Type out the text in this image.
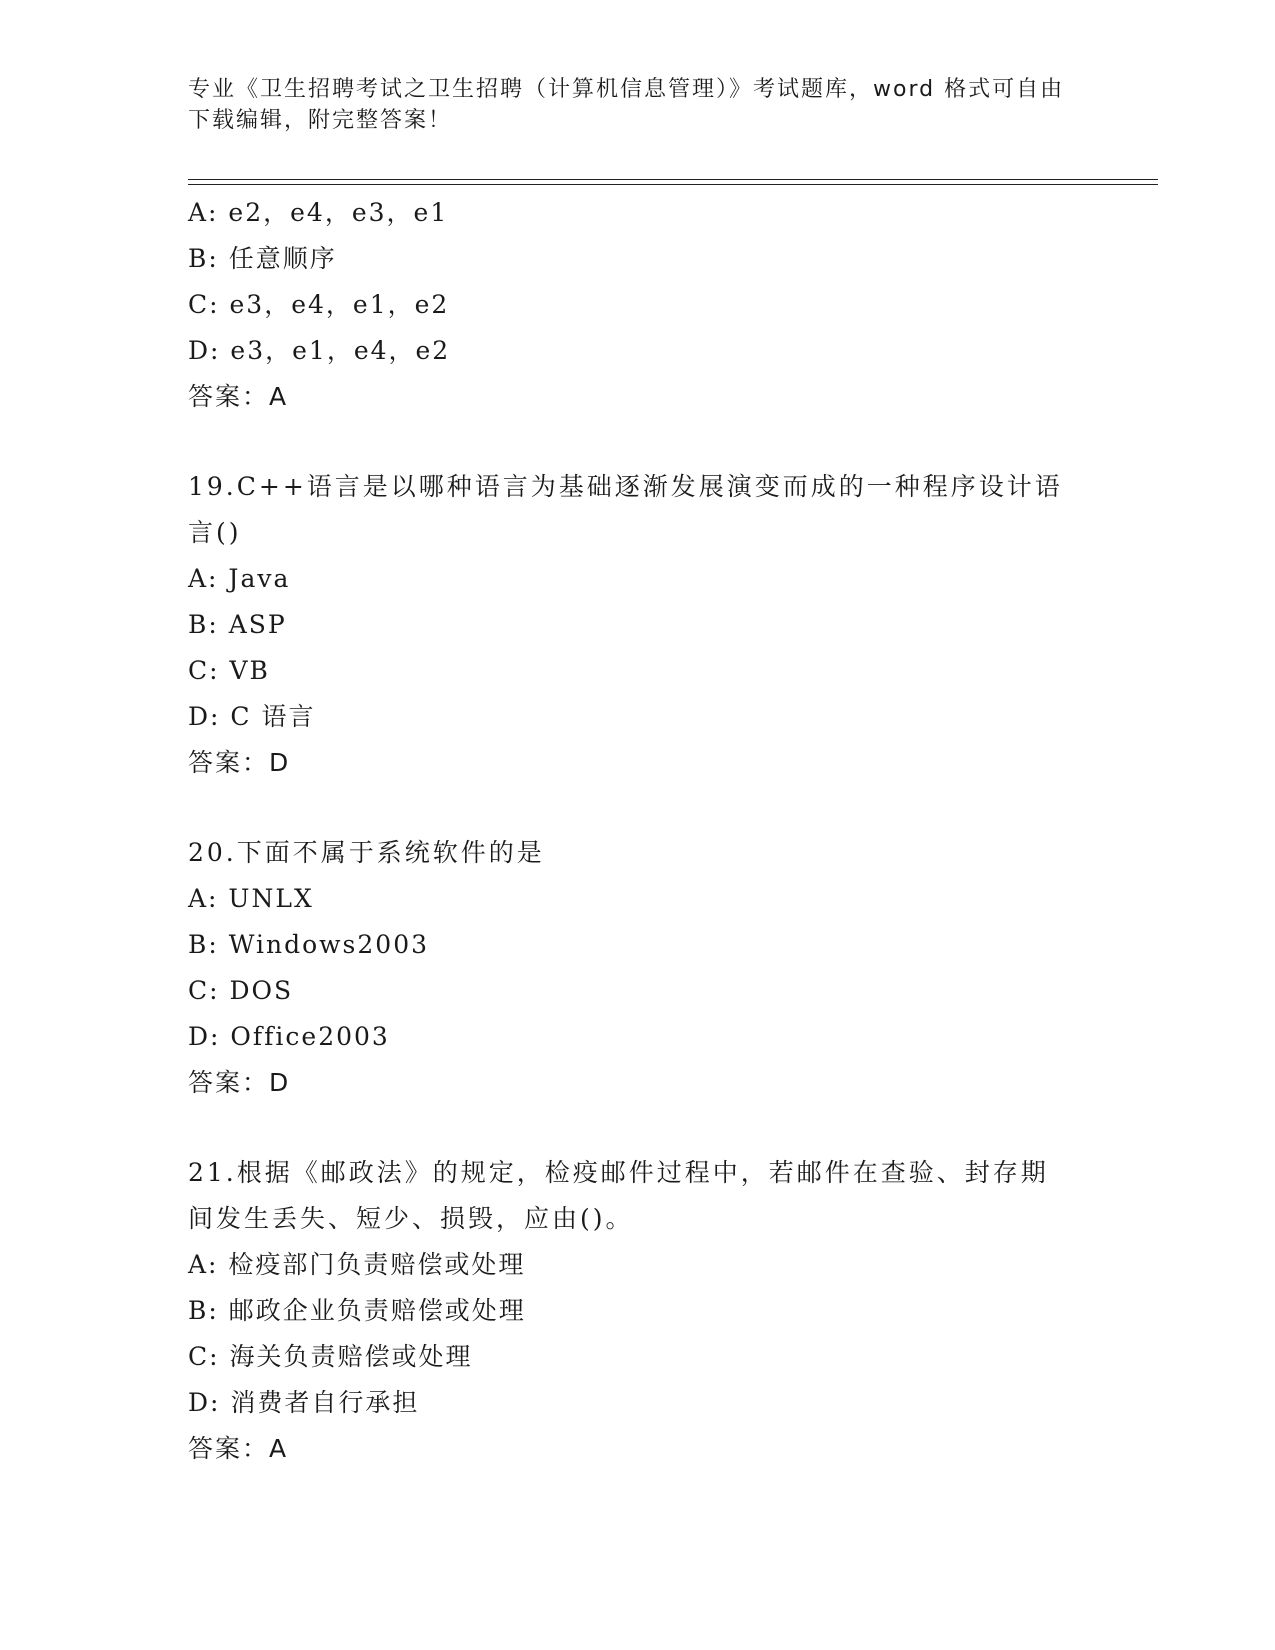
专业《卫生招聘考试之卫生招聘（计算机信息管理）》考试题库，word 格式可自由下载编辑，附完整答案！
A: e2，e4，e3，e1
B: 任意顺序
C: e3，e4，e1，e2
D: e3，e1，e4，e2
答案：A
19.C++语言是以哪种语言为基础逐渐发展演变而成的一种程序设计语言()
A: Java
B: ASP
C: VB
D: C 语言
答案：D
20.下面不属于系统软件的是
A: UNLX
B: Windows2003
C: DOS
D: Office2003
答案：D
21.根据《邮政法》的规定，检疫邮件过程中，若邮件在查验、封存期间发生丢失、短少、损毁，应由()。
A: 检疫部门负责赔偿或处理
B: 邮政企业负责赔偿或处理
C: 海关负责赔偿或处理
D: 消费者自行承担
答案：A
